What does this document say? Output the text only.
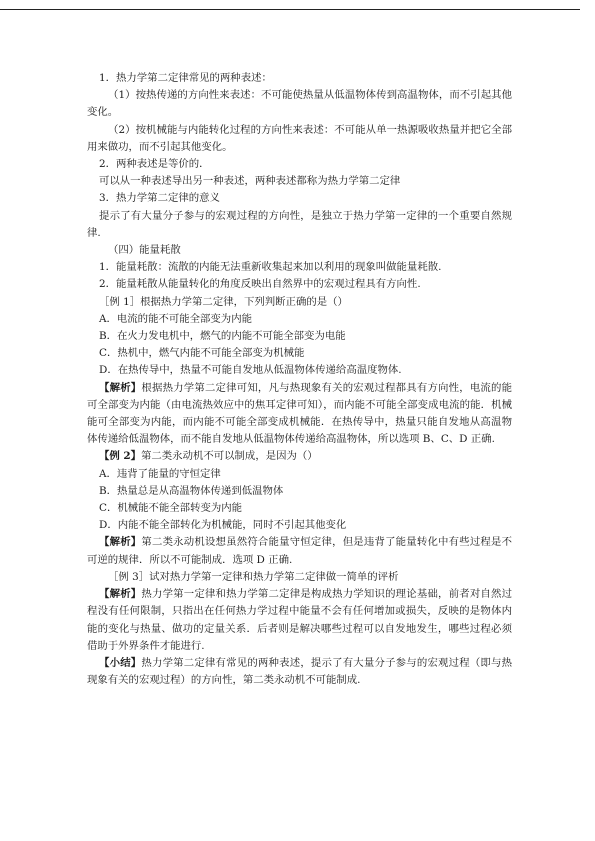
1．热力学第二定律常见的两种表述：

（1）按热传递的方向性来表述：不可能使热量从低温物体传到高温物体，而不引起其他变化。

（2）按机械能与内能转化过程的方向性来表述：不可能从单一热源吸收热量并把它全部用来做功，而不引起其他变化。

2．两种表述是等价的．

可以从一种表述导出另一种表述，两种表述都称为热力学第二定律

3．热力学第二定律的意义

提示了有大量分子参与的宏观过程的方向性，是独立于热力学第一定律的一个重要自然规律.

（四）能量耗散

1．能量耗散：流散的内能无法重新收集起来加以利用的现象叫做能量耗散.

2．能量耗散从能量转化的角度反映出自然界中的宏观过程具有方向性.

［例 1］根据热力学第二定律，下列判断正确的是（）

A．电流的能不可能全部变为内能

B．在火力发电机中，燃气的内能不可能全部变为电能

C．热机中，燃气内能不可能全部变为机械能

D．在热传导中，热量不可能自发地从低温物体传递给高温度物体.

【解析】根据热力学第二定律可知，凡与热现象有关的宏观过程都具有方向性，电流的能可全部变为内能（由电流热效应中的焦耳定律可知），而内能不可能全部变成电流的能．机械能可全部变为内能，而内能不可能全部变成机械能．在热传导中，热量只能自发地从高温物体传递给低温物体，而不能自发地从低温物体传递给高温物体，所以选项 B、C、D 正确.

【例 2】第二类永动机不可以制成，是因为（）

A．违背了能量的守恒定律

B．热量总是从高温物体传递到低温物体

C．机械能不能全部转变为内能

D．内能不能全部转化为机械能，同时不引起其他变化

【解析】第二类永动机设想虽然符合能量守恒定律，但是违背了能量转化中有些过程是不可逆的规律．所以不可能制成．选项 D 正确.

［例 3］试对热力学第一定律和热力学第二定律做一简单的评析

【解析】热力学第一定律和热力学第二定律是构成热力学知识的理论基础，前者对自然过程没有任何限制，只指出在任何热力学过程中能量不会有任何增加或损失，反映的是物体内能的变化与热量、做功的定量关系．后者则是解决哪些过程可以自发地发生，哪些过程必须借助于外界条件才能进行.

【小结】热力学第二定律有常见的两种表述，提示了有大量分子参与的宏观过程（即与热现象有关的宏观过程）的方向性，第二类永动机不可能制成.
